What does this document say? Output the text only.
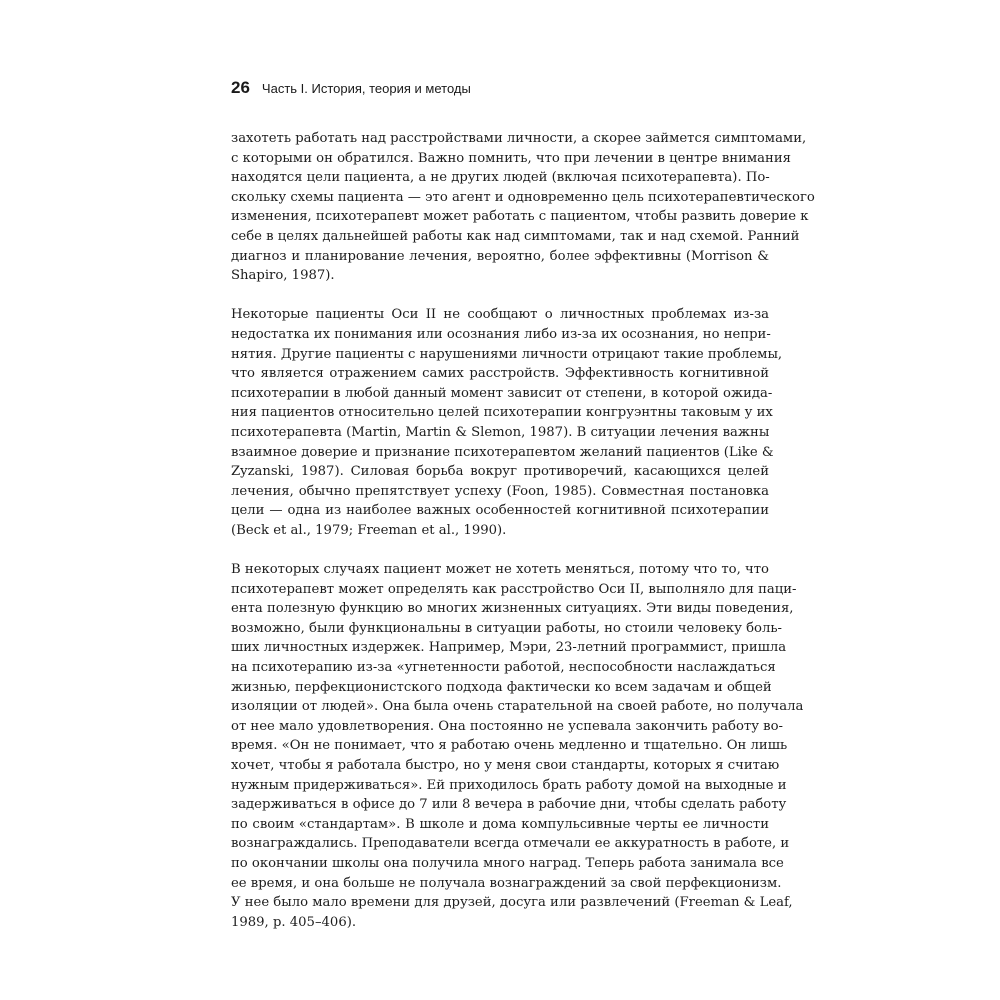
26 Часть I. История, теория и методы
захотеть работать над расстройствами личности, а скорее займется симптомами,
с которыми он обратился. Важно помнить, что при лечении в центре внимания
находятся цели пациента, а не других людей (включая психотерапевта). По-
скольку схемы пациента — это агент и одновременно цель психотерапевтического
изменения, психотерапевт может работать с пациентом, чтобы развить доверие к
себе в целях дальнейшей работы как над симптомами, так и над схемой. Ранний
диагноз и планирование лечения, вероятно, более эффективны (Morrison &
Shapiro, 1987).
Некоторые пациенты Оси II не сообщают о личностных проблемах из-за
недостатка их понимания или осознания либо из-за их осознания, но непри-
нятия. Другие пациенты с нарушениями личности отрицают такие проблемы,
что является отражением самих расстройств. Эффективность когнитивной
психотерапии в любой данный момент зависит от степени, в которой ожида-
ния пациентов относительно целей психотерапии конгруэнтны таковым у их
психотерапевта (Martin, Martin & Slemon, 1987). В ситуации лечения важны
взаимное доверие и признание психотерапевтом желаний пациентов (Like &
Zyzanski, 1987). Силовая борьба вокруг противоречий, касающихся целей
лечения, обычно препятствует успеху (Foon, 1985). Совместная постановка
цели — одна из наиболее важных особенностей когнитивной психотерапии
(Beck et al., 1979; Freeman et al., 1990).
В некоторых случаях пациент может не хотеть меняться, потому что то, что
психотерапевт может определять как расстройство Оси II, выполняло для паци-
ента полезную функцию во многих жизненных ситуациях. Эти виды поведения,
возможно, были функциональны в ситуации работы, но стоили человеку боль-
ших личностных издержек. Например, Мэри, 23-летний программист, пришла
на психотерапию из-за «угнетенности работой, неспособности наслаждаться
жизнью, перфекционистского подхода фактически ко всем задачам и общей
изоляции от людей». Она была очень старательной на своей работе, но получала
от нее мало удовлетворения. Она постоянно не успевала закончить работу во-
время. «Он не понимает, что я работаю очень медленно и тщательно. Он лишь
хочет, чтобы я работала быстро, но у меня свои стандарты, которых я считаю
нужным придерживаться». Ей приходилось брать работу домой на выходные и
задерживаться в офисе до 7 или 8 вечера в рабочие дни, чтобы сделать работу
по своим «стандартам». В школе и дома компульсивные черты ее личности
вознаграждались. Преподаватели всегда отмечали ее аккуратность в работе, и
по окончании школы она получила много наград. Теперь работа занимала все
ее время, и она больше не получала вознаграждений за свой перфекционизм.
У нее было мало времени для друзей, досуга или развлечений (Freeman & Leaf,
1989, p. 405–406).
